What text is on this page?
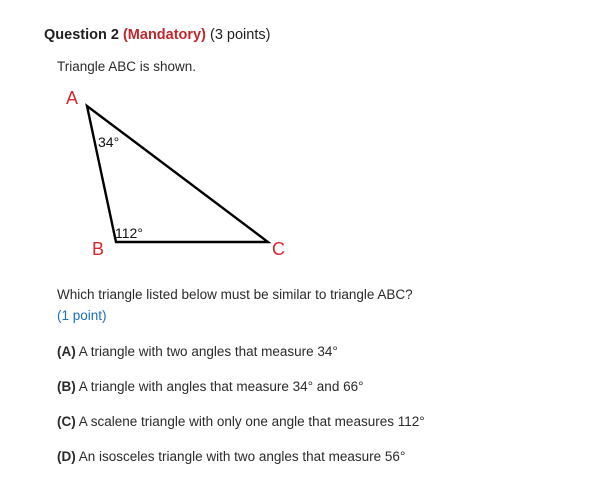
Question 2 (Mandatory) (3 points)
Triangle ABC is shown.
A
B	C
34°
112°
Which triangle listed below must be similar to triangle ABC?
(1 point)
(A) A triangle with two angles that measure 34°
(B) A triangle with angles that measure 34° and 66°
(C) A scalene triangle with only one angle that measures 112°
(D) An isosceles triangle with two angles that measure 56°
